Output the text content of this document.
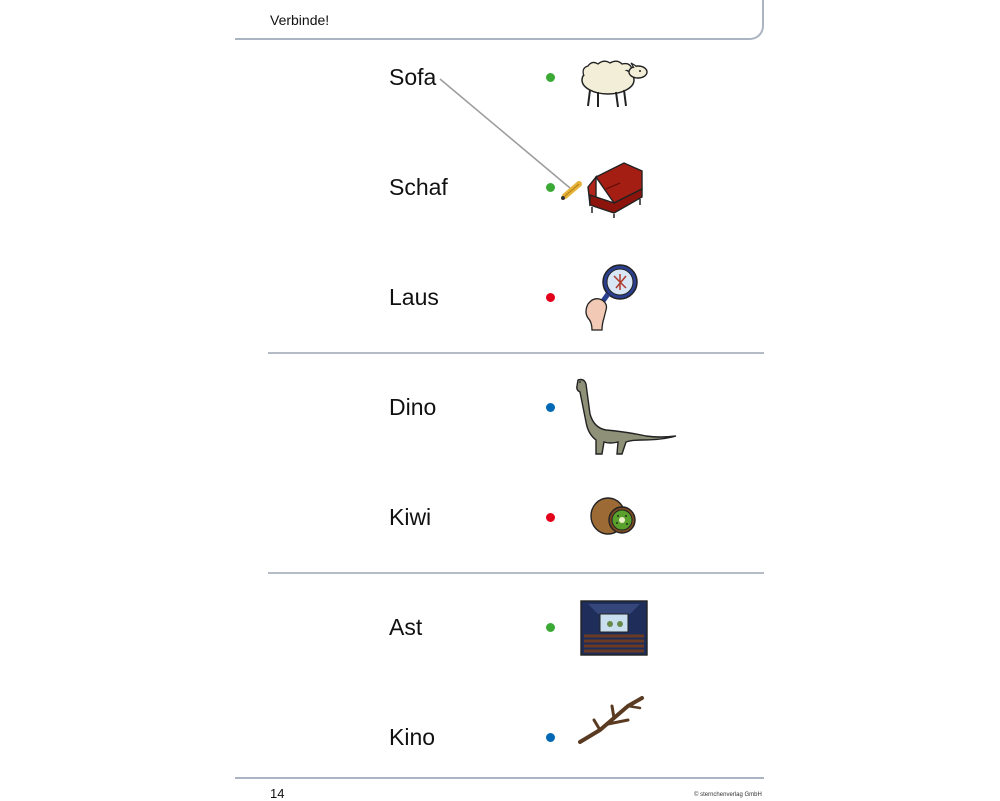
Verbinde!
Sofa
Schaf
Laus
Dino
Kiwi
Ast
Kino
14	© sternchenverlag GmbH
